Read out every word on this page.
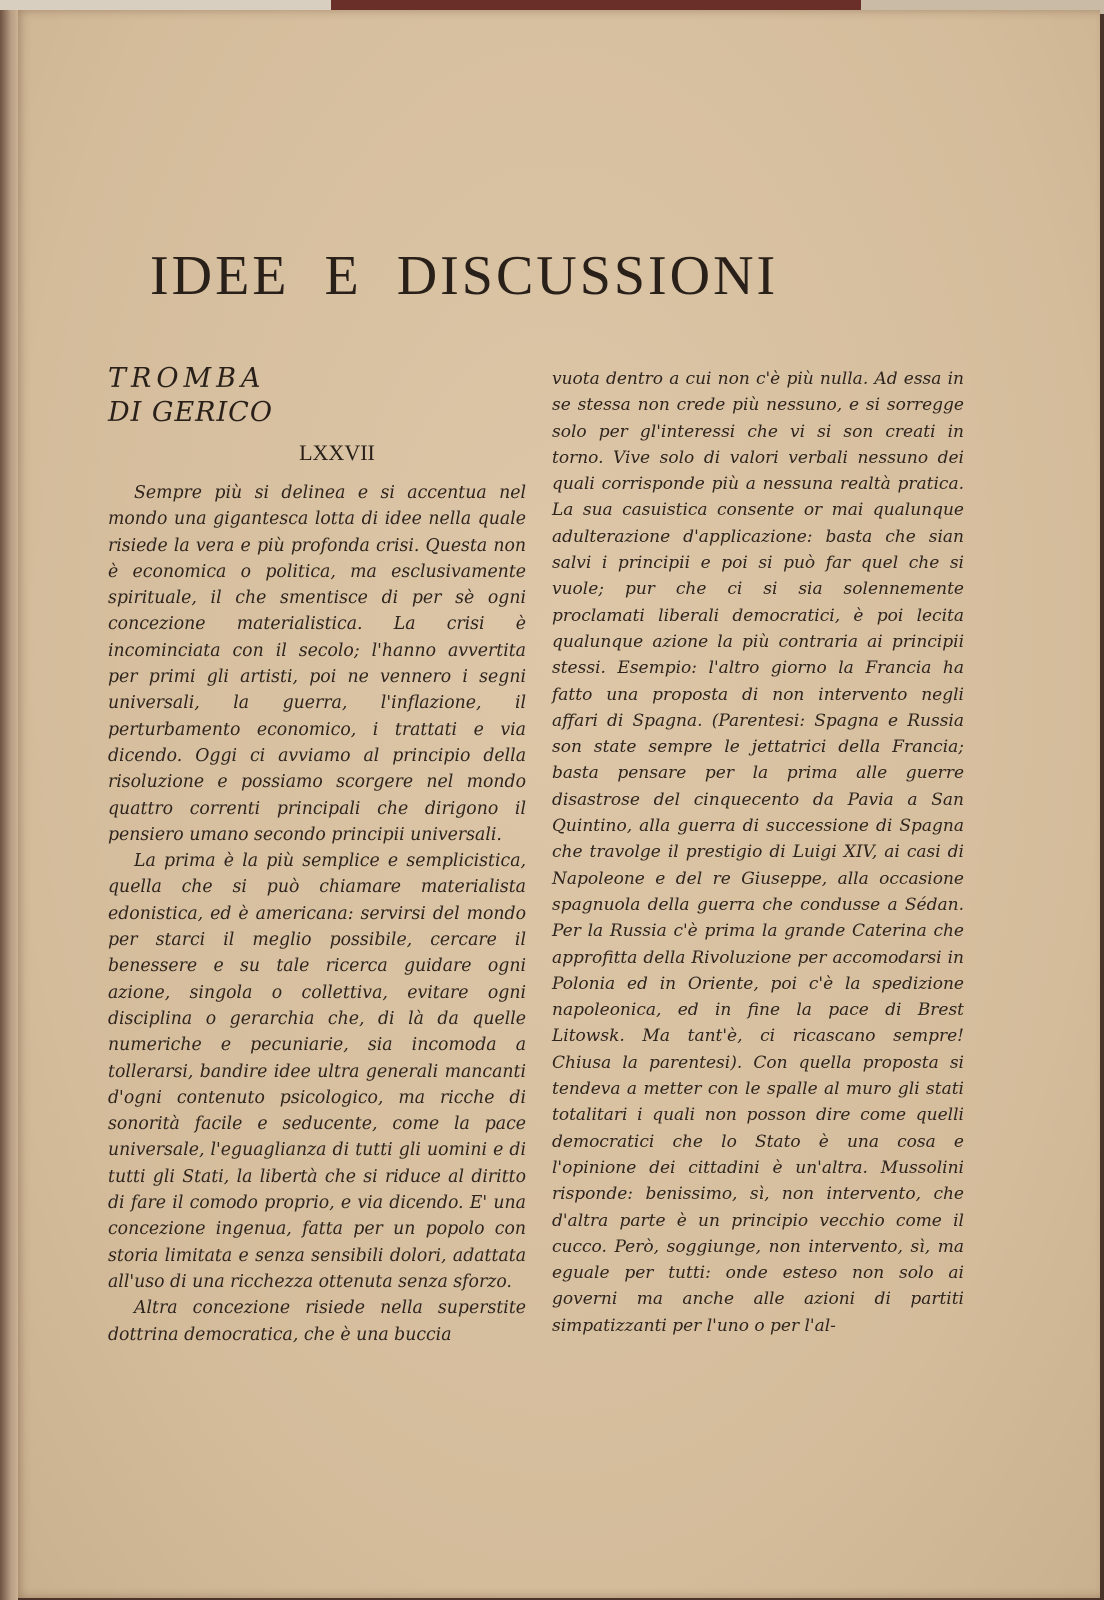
IDEE E DISCUSSIONI
TROMBA
DI GERICO
LXXVII

Sempre più si delinea e si accentua nel mondo una gigantesca lotta di idee nella quale risiede la vera e più profonda crisi. Questa non è economica o politica, ma esclusivamente spirituale, il che smentisce di per sè ogni concezione materialistica. La crisi è incominciata con il secolo; l'hanno avvertita per primi gli artisti, poi ne vennero i segni universali, la guerra, l'inflazione, il perturbamento economico, i trattati e via dicendo. Oggi ci avviamo al principio della risoluzione e possiamo scorgere nel mondo quattro correnti principali che dirigono il pensiero umano secondo principii universali.

La prima è la più semplice e semplicistica, quella che si può chiamare materialista edonistica, ed è americana: servirsi del mondo per starci il meglio possibile, cercare il benessere e su tale ricerca guidare ogni azione, singola o collettiva, evitare ogni disciplina o gerarchia che, di là da quelle numeriche e pecuniarie, sia incomoda a tollerarsi, bandire idee ultra generali mancanti d'ogni contenuto psicologico, ma ricche di sonorità facile e seducente, come la pace universale, l'eguaglianza di tutti gli uomini e di tutti gli Stati, la libertà che si riduce al diritto di fare il comodo proprio, e via dicendo. E' una concezione ingenua, fatta per un popolo con storia limitata e senza sensibili dolori, adattata all'uso di una ricchezza ottenuta senza sforzo.

Altra concezione risiede nella superstite dottrina democratica, che è una buccia

vuota dentro a cui non c'è più nulla. Ad essa in se stessa non crede più nessuno, e si sorregge solo per gl'interessi che vi si son creati in torno. Vive solo di valori verbali nessuno dei quali corrisponde più a nessuna realtà pratica. La sua casuistica consente or mai qualunque adulterazione d'applicazione: basta che sian salvi i principii e poi si può far quel che si vuole; pur che ci si sia solennemente proclamati liberali democratici, è poi lecita qualunque azione la più contraria ai principii stessi. Esempio: l'altro giorno la Francia ha fatto una proposta di non intervento negli affari di Spagna. (Parentesi: Spagna e Russia son state sempre le jettatrici della Francia; basta pensare per la prima alle guerre disastrose del cinquecento da Pavia a San Quintino, alla guerra di successione di Spagna che travolge il prestigio di Luigi XIV, ai casi di Napoleone e del re Giuseppe, alla occasione spagnuola della guerra che condusse a Sédan. Per la Russia c'è prima la grande Caterina che approfitta della Rivoluzione per accomodarsi in Polonia ed in Oriente, poi c'è la spedizione napoleonica, ed in fine la pace di Brest Litowsk. Ma tant'è, ci ricascano sempre! Chiusa la parentesi). Con quella proposta si tendeva a metter con le spalle al muro gli stati totalitari i quali non posson dire come quelli democratici che lo Stato è una cosa e l'opinione dei cittadini è un'altra. Mussolini risponde: benissimo, sì, non intervento, che d'altra parte è un principio vecchio come il cucco. Però, soggiunge, non intervento, sì, ma eguale per tutti: onde esteso non solo ai governi ma anche alle azioni di partiti simpatizzanti per l'uno o per l'al-
